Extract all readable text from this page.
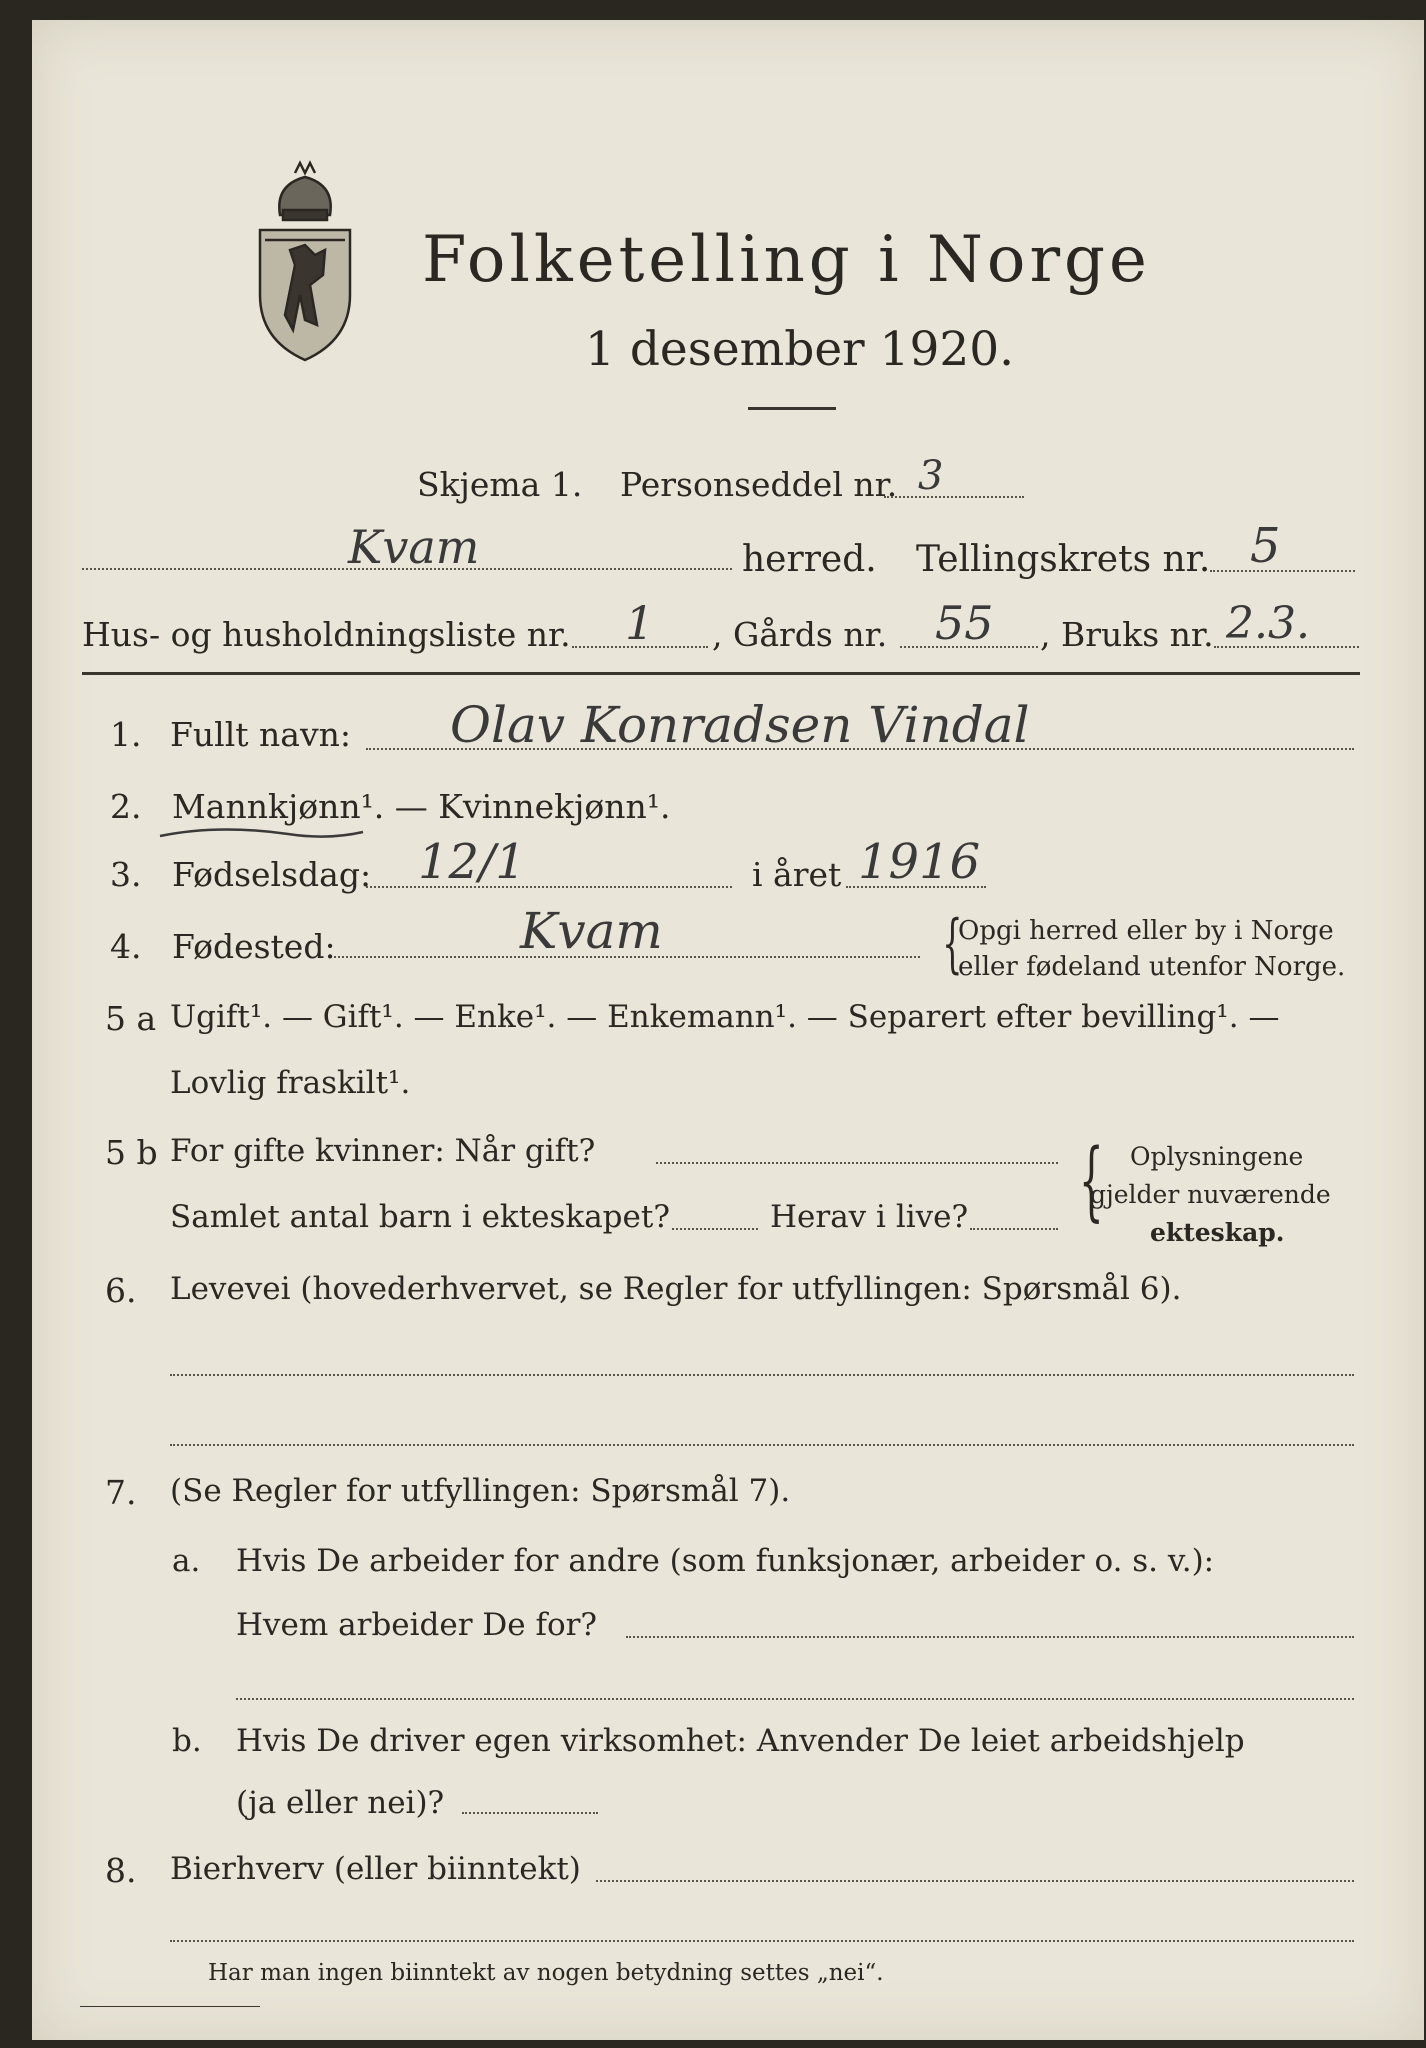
Folketelling i Norge
1 desember 1920.
Skjema 1. Personseddel nr. 3
Kvam	herred. Tellingskrets nr. 5
Hus- og husholdningsliste nr. 1 , Gårds nr. 55 , Bruks nr. 2.3.
1. Fullt navn: Olav Konradsen Vindal
2. Mannkjønn¹. — Kvinnekjønn¹.
3. Fødselsdag: 12/1	i året 1916
4. Fødested:	Kvam	{
Opgi herred eller by i Norge
eller fødeland utenfor Norge.
5 a Ugift¹. — Gift¹. — Enke¹. — Enkemann¹. — Separert efter bevilling¹. —
Lovlig fraskilt¹.
5 b For gifte kvinner: Når gift?
Samlet antal barn i ekteskapet?	Herav i live? { Oplysningene
gjelder nuværende
ekteskap.
6. Levevei (hovederhvervet, se Regler for utfyllingen: Spørsmål 6).
7. (Se Regler for utfyllingen: Spørsmål 7).
a. Hvis De arbeider for andre (som funksjonær, arbeider o. s. v.):
Hvem arbeider De for?
b. Hvis De driver egen virksomhet: Anvender De leiet arbeidshjelp
(ja eller nei)?
8. Bierhverv (eller biinntekt)
Har man ingen biinntekt av nogen betydning settes „nei“.
